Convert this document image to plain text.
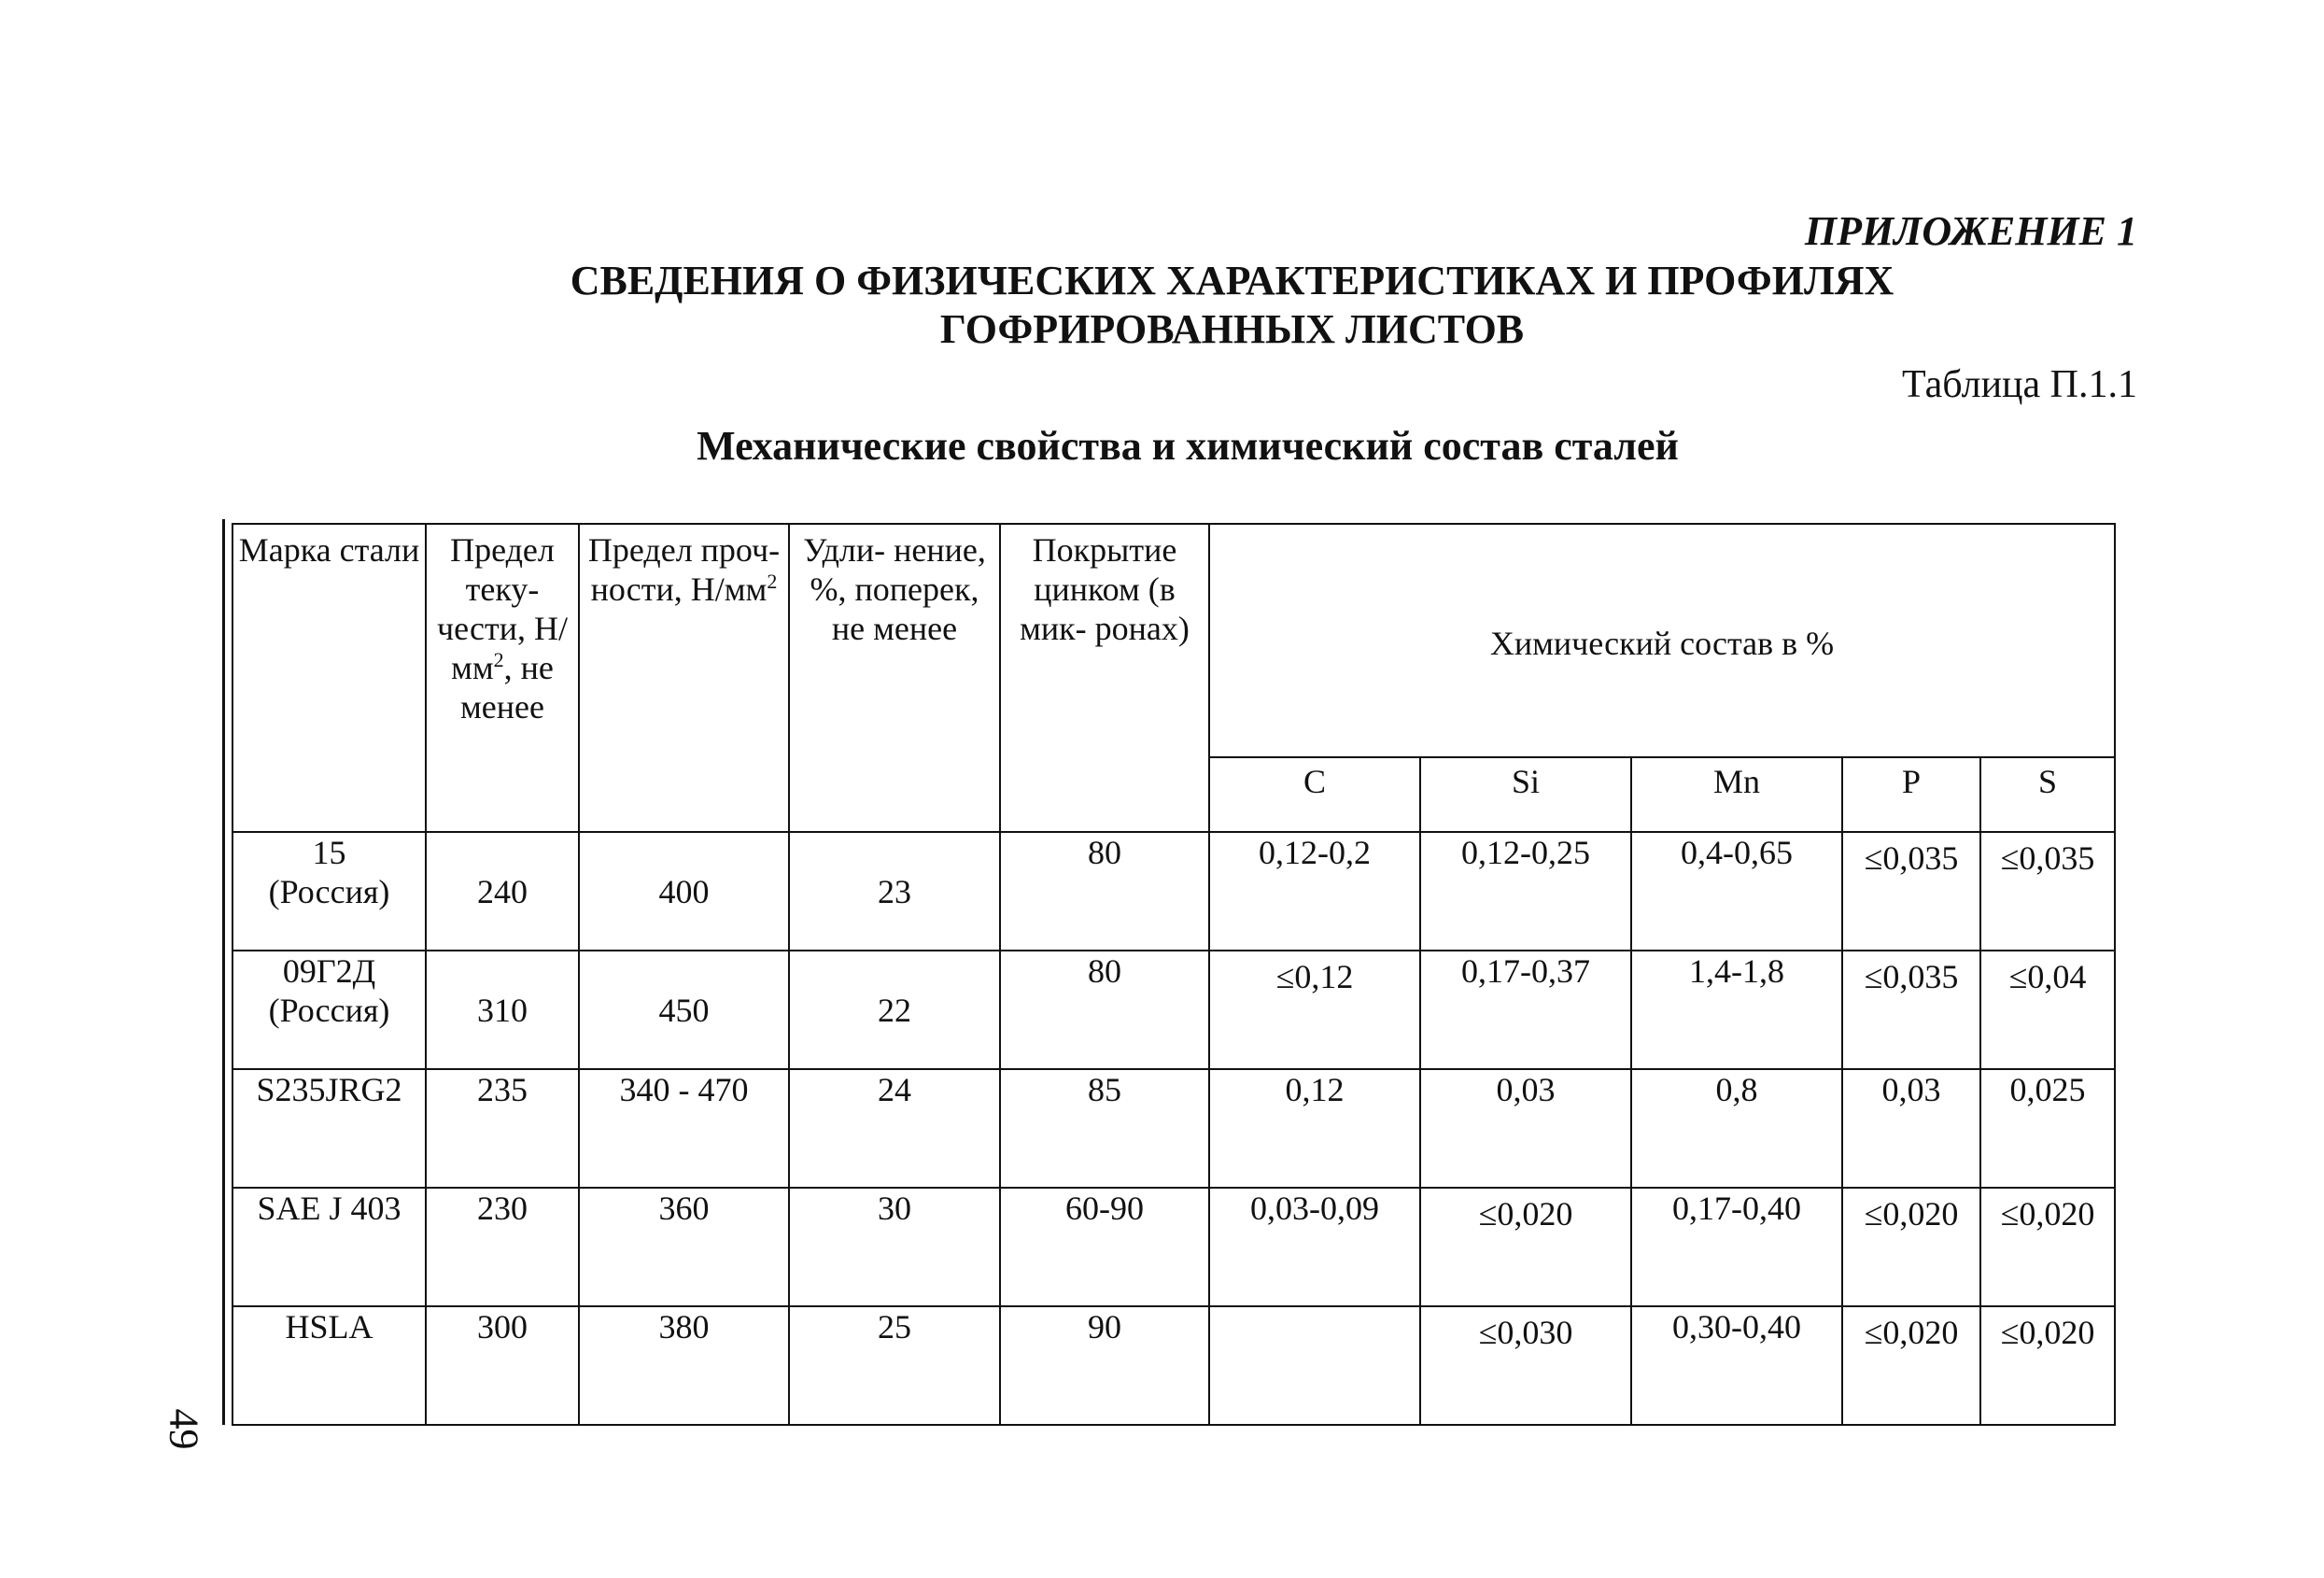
ПРИЛОЖЕНИЕ 1
СВЕДЕНИЯ О ФИЗИЧЕСКИХ ХАРАКТЕРИСТИКАХ И ПРОФИЛЯХ
ГОФРИРОВАННЫХ ЛИСТОВ
Таблица П.1.1
Механические свойства и химический состав сталей
49
Марка стали	Предел теку- чести, $Н/мм^2$, не менее	Предел проч- ности, $Н/мм^2$	Удли- нение, %, поперек, не менее	Покрытие цинком (в мик- ронах)	Химический состав в %				
					C	Si	Mn	P	S

15
(Россия)	240	400	23	80	0,12-0,2	0,12-0,25	0,4-0,65	≤0,035	≤0,035

09Г2Д
(Россия)	310	450	22	80	≤0,12	0,17-0,37	1,4-1,8	≤0,035	≤0,04

S235JRG2	235	340 - 470	24	85	0,12	0,03	0,8	0,03	0,025
SAE J 403	230	360	30	60-90	0,03-0,09	≤0,020	0,17-0,40	≤0,020	≤0,020

HSLA	300	380	25	90		≤0,030	0,30-0,40	≤0,020	≤0,020
